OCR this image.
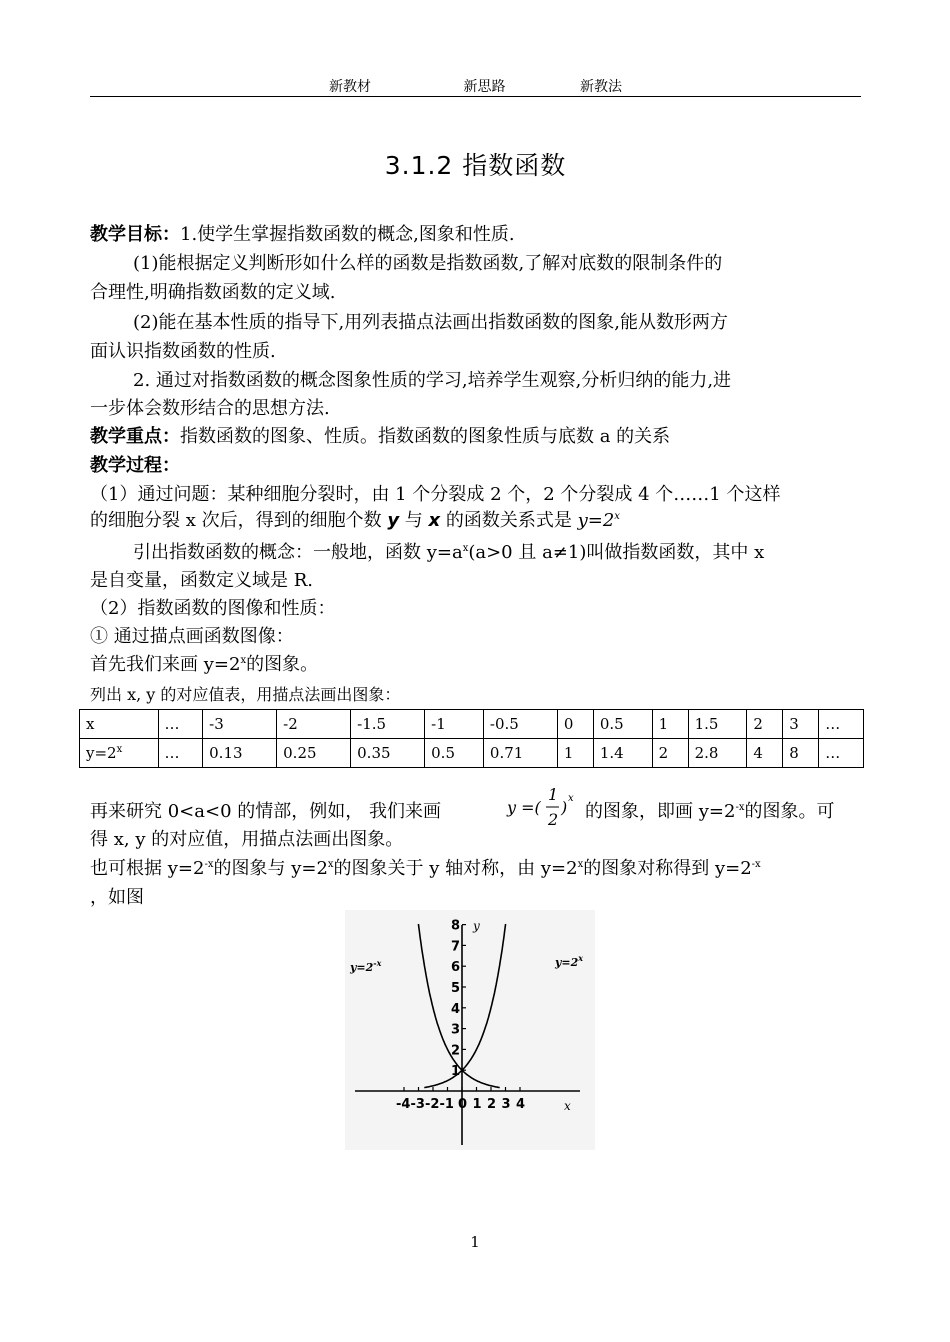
新教材	新思路	新教法
3.1.2 指数函数
教学目标：1.使学生掌握指数函数的概念,图象和性质.
(1)能根据定义判断形如什么样的函数是指数函数,了解对底数的限制条件的
合理性,明确指数函数的定义域.
(2)能在基本性质的指导下,用列表描点法画出指数函数的图象,能从数形两方
面认识指数函数的性质.
2. 通过对指数函数的概念图象性质的学习,培养学生观察,分析归纳的能力,进
一步体会数形结合的思想方法.
教学重点：指数函数的图象、性质。指数函数的图象性质与底数 a 的关系
教学过程：
（1）通过问题：某种细胞分裂时，由 1 个分裂成 2 个，2 个分裂成 4 个……1 个这样
的细胞分裂 x 次后，得到的细胞个数 y 与 x 的函数关系式是 $y=2^x$
引出指数函数的概念：一般地，函数 $y=a^x(a>0$ 且 a≠1)叫做指数函数，其中 x
是自变量，函数定义域是 R.
（2）指数函数的图像和性质：
① 通过描点画函数图像：
首先我们来画 $y=2^x$的图象。
列出 x, y 的对应值表，用描点法画出图象：
x	…	-3	-2	-1.5	-1	-0.5	0	0.5	1	1.5	2	3	…
$y=2^x$	…	0.13	0.25	0.35	0.5	0.71	1	1.4	2	2.8	4	8	…
再来研究 0<a<0 的情部，例如， 我们来画	y =(
1
2
) x
的图象，即画 $y=2^{-x}$的图象。可
得 x, y 的对应值，用描点法画出图象。
也可根据 $y=2^{-x}$的图象与 $y=2^x$的图象关于 y 轴对称，由 $y=2^x$的图象对称得到 $y=2^{-x}$
，如图
1
2
3
4
5
6
7
8
-4 -3 -2 -1 0 1 2 3 4
y
x
$y=2^{-x}$	$y=2^x$
1
